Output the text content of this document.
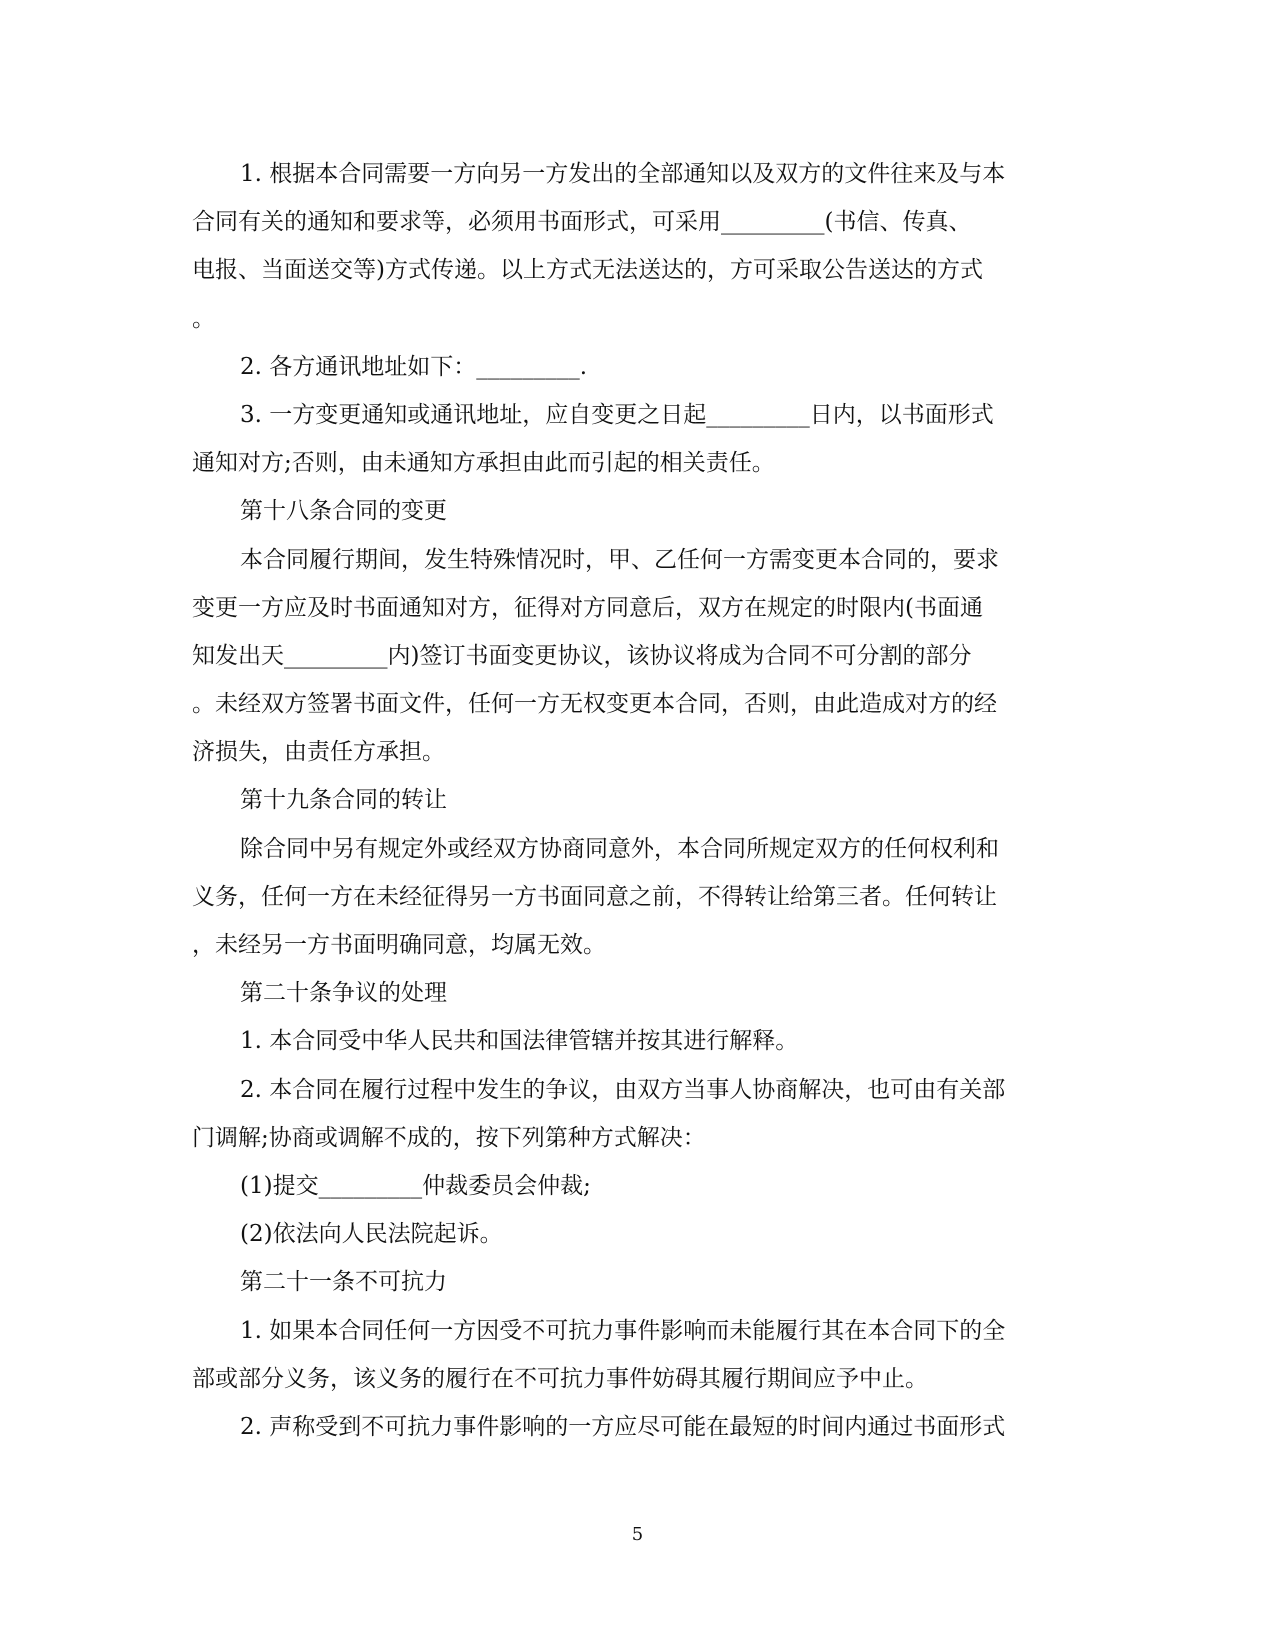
1. 根据本合同需要一方向另一方发出的全部通知以及双方的文件往来及与本
合同有关的通知和要求等，必须用书面形式，可采用_________(书信、传真、
电报、当面送交等)方式传递。以上方式无法送达的，方可采取公告送达的方式
。
2. 各方通讯地址如下：_________.
3. 一方变更通知或通讯地址，应自变更之日起_________日内，以书面形式
通知对方;否则，由未通知方承担由此而引起的相关责任。
第十八条合同的变更
本合同履行期间，发生特殊情况时，甲、乙任何一方需变更本合同的，要求
变更一方应及时书面通知对方，征得对方同意后，双方在规定的时限内(书面通
知发出天_________内)签订书面变更协议，该协议将成为合同不可分割的部分
。未经双方签署书面文件，任何一方无权变更本合同，否则，由此造成对方的经
济损失，由责任方承担。
第十九条合同的转让
除合同中另有规定外或经双方协商同意外，本合同所规定双方的任何权利和
义务，任何一方在未经征得另一方书面同意之前，不得转让给第三者。任何转让
，未经另一方书面明确同意，均属无效。
第二十条争议的处理
1. 本合同受中华人民共和国法律管辖并按其进行解释。
2. 本合同在履行过程中发生的争议，由双方当事人协商解决，也可由有关部
门调解;协商或调解不成的，按下列第种方式解决：
(1)提交_________仲裁委员会仲裁;
(2)依法向人民法院起诉。
第二十一条不可抗力
1. 如果本合同任何一方因受不可抗力事件影响而未能履行其在本合同下的全
部或部分义务，该义务的履行在不可抗力事件妨碍其履行期间应予中止。
2. 声称受到不可抗力事件影响的一方应尽可能在最短的时间内通过书面形式
5
